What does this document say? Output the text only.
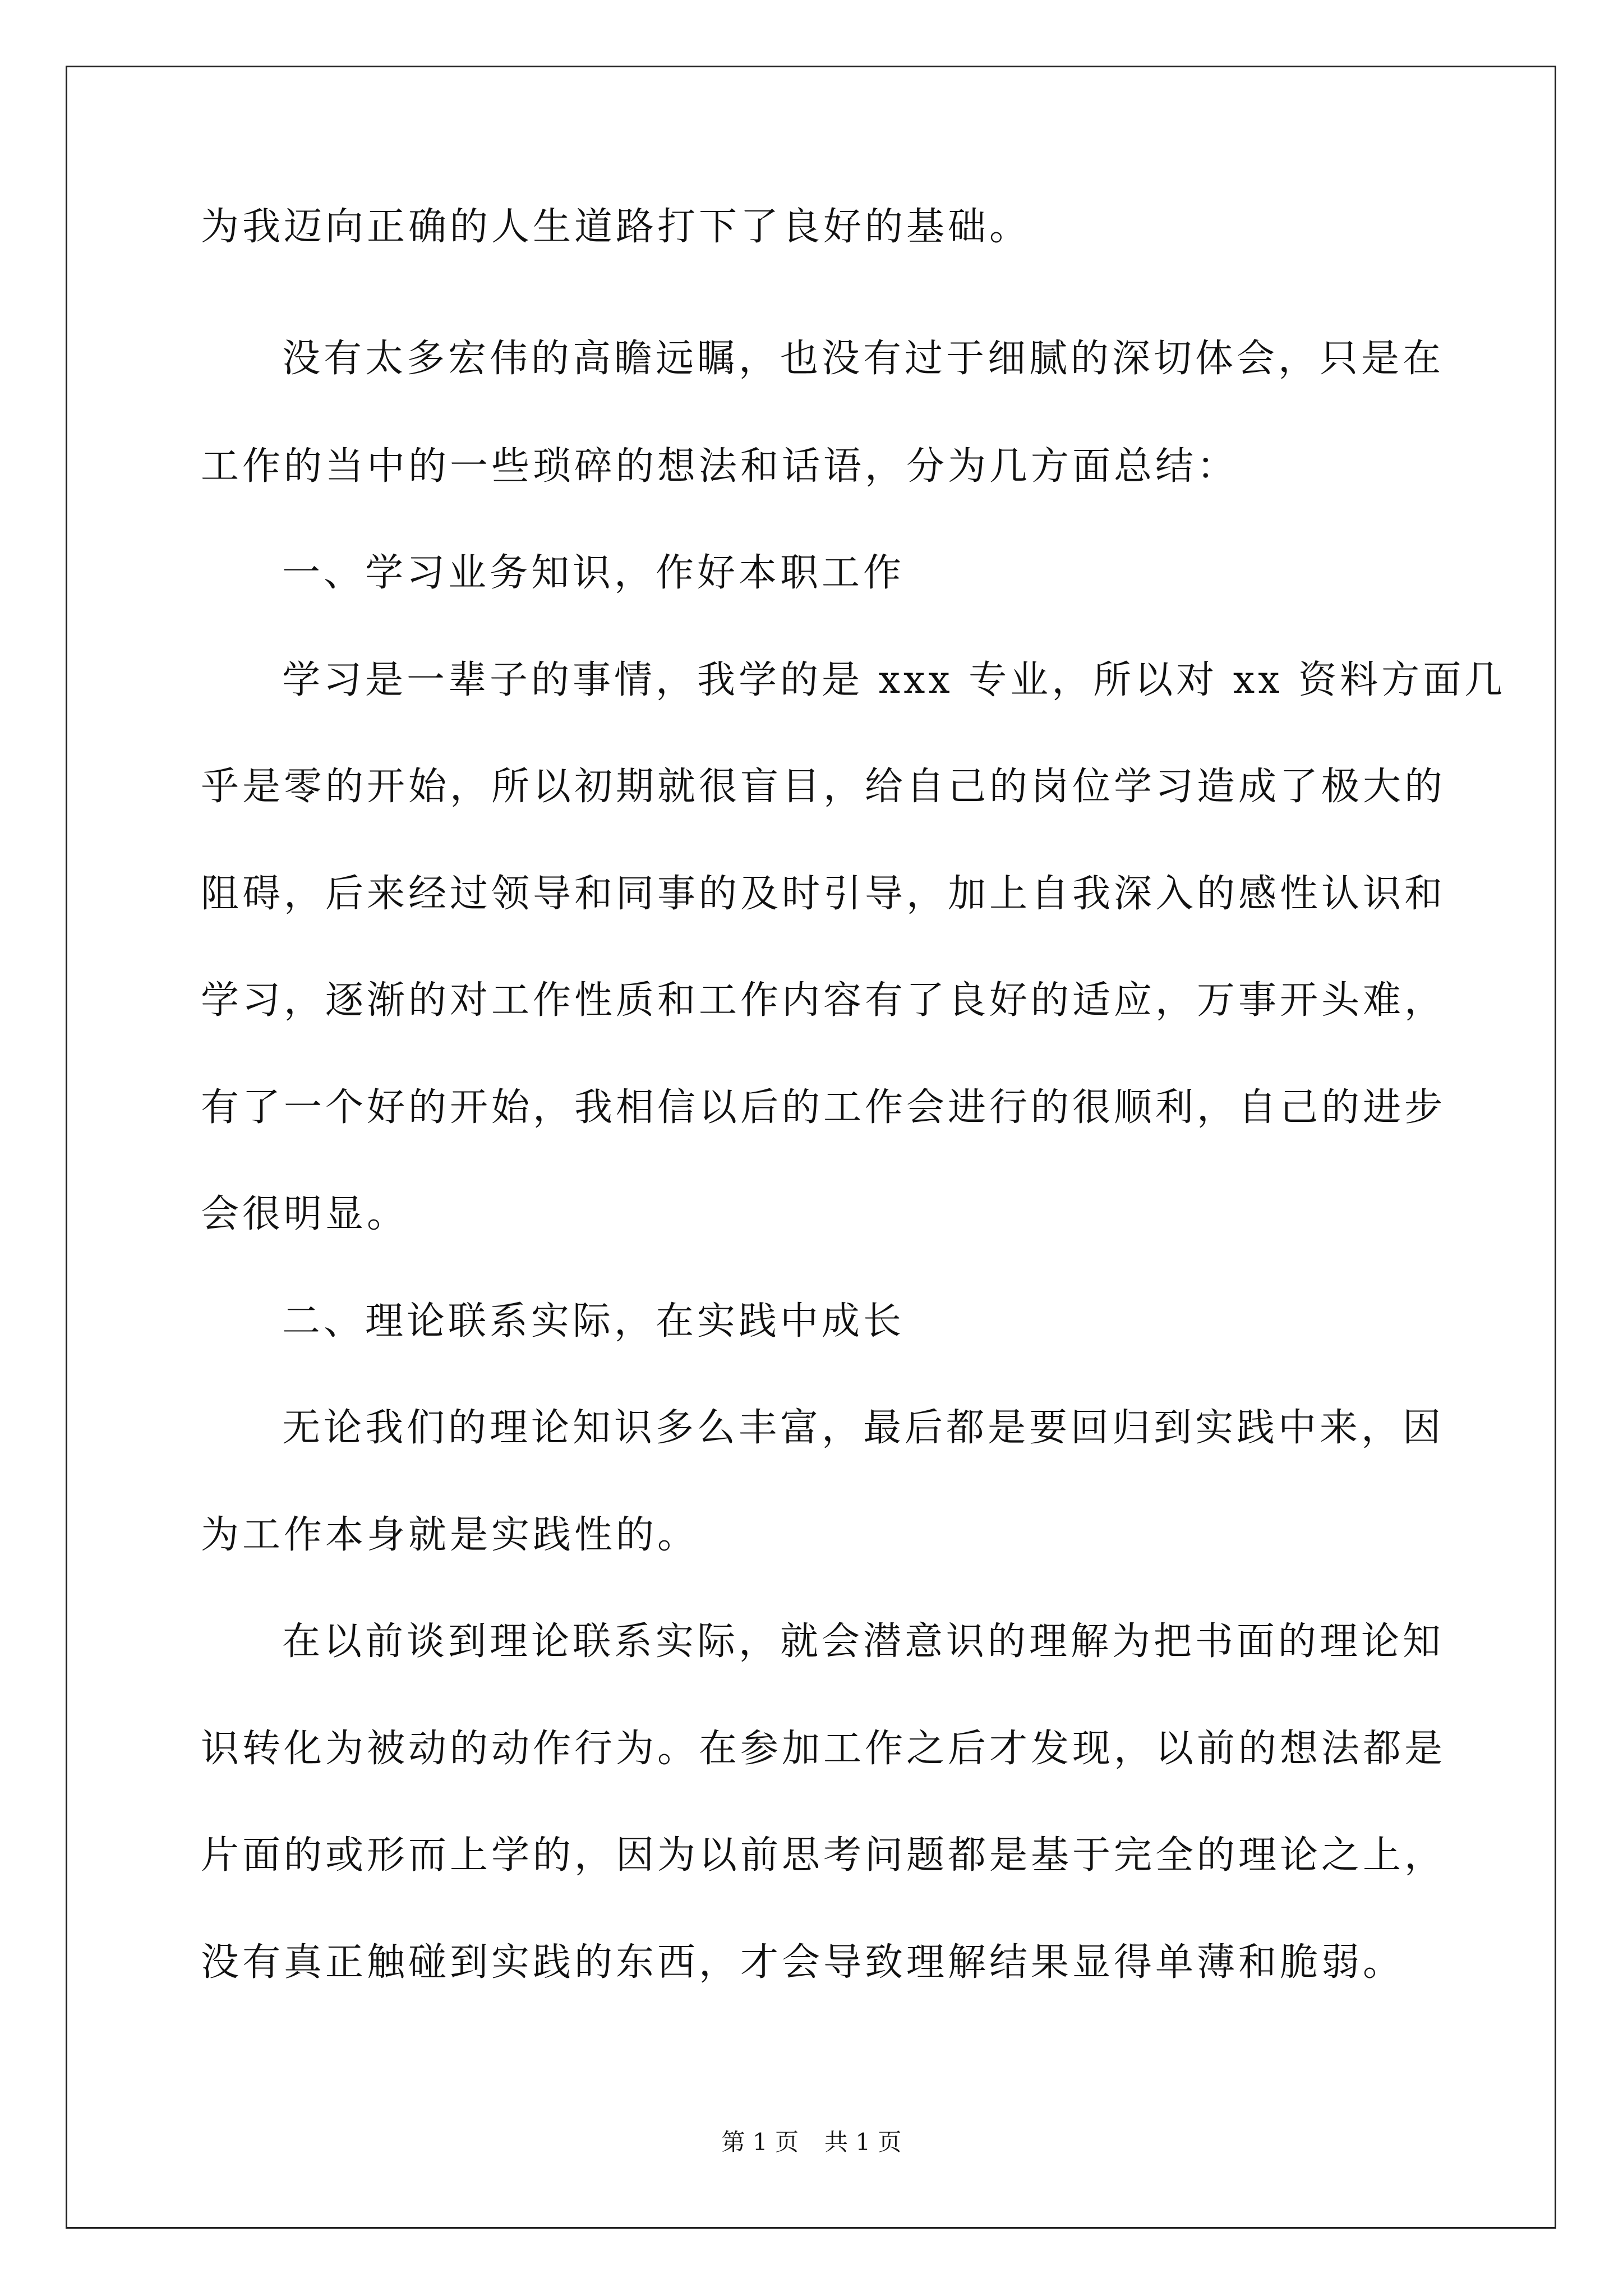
为我迈向正确的人生道路打下了良好的基础。
没有太多宏伟的高瞻远瞩，也没有过于细腻的深切体会，只是在
工作的当中的一些琐碎的想法和话语，分为几方面总结：
一、学习业务知识，作好本职工作
学习是一辈子的事情，我学的是 xxx 专业，所以对 xx 资料方面几
乎是零的开始，所以初期就很盲目，给自己的岗位学习造成了极大的
阻碍，后来经过领导和同事的及时引导，加上自我深入的感性认识和
学习，逐渐的对工作性质和工作内容有了良好的适应，万事开头难，
有了一个好的开始，我相信以后的工作会进行的很顺利，自己的进步
会很明显。
二、理论联系实际，在实践中成长
无论我们的理论知识多么丰富，最后都是要回归到实践中来，因
为工作本身就是实践性的。
在以前谈到理论联系实际，就会潜意识的理解为把书面的理论知
识转化为被动的动作行为。在参加工作之后才发现，以前的想法都是
片面的或形而上学的，因为以前思考问题都是基于完全的理论之上，
没有真正触碰到实践的东西，才会导致理解结果显得单薄和脆弱。
第 1 页 共 1 页
